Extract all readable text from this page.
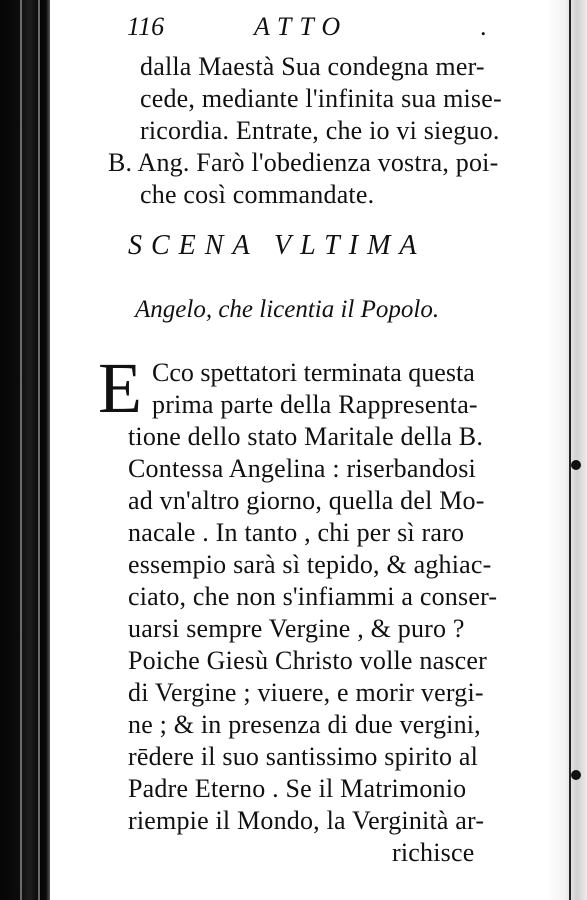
116	ATTO	.
dalla Maestà Sua condegna mer-
cede, mediante l'infinita sua mise-
ricordia. Entrate, che io vi sieguo.
B. Ang. Farò l'obedienza vostra, poi-
che così commandate.
SCENA VLTIMA
Angelo, che licentia il Popolo.
E Cco spettatori terminata questa
prima parte della Rappresenta-
tione dello stato Maritale della B.
Contessa Angelina : riserbandosi
ad vn'altro giorno, quella del Mo-
nacale . In tanto , chi per sì raro
essempio sarà sì tepido, & aghiac-
ciato, che non s'infiammi a conser-
uarsi sempre Vergine , & puro ?
Poiche Giesù Christo volle nascer
di Vergine ; viuere, e morir vergi-
ne ; & in presenza di due vergini,
rēdere il suo santissimo spirito al
Padre Eterno . Se il Matrimonio
riempie il Mondo, la Verginità ar-
richisce
